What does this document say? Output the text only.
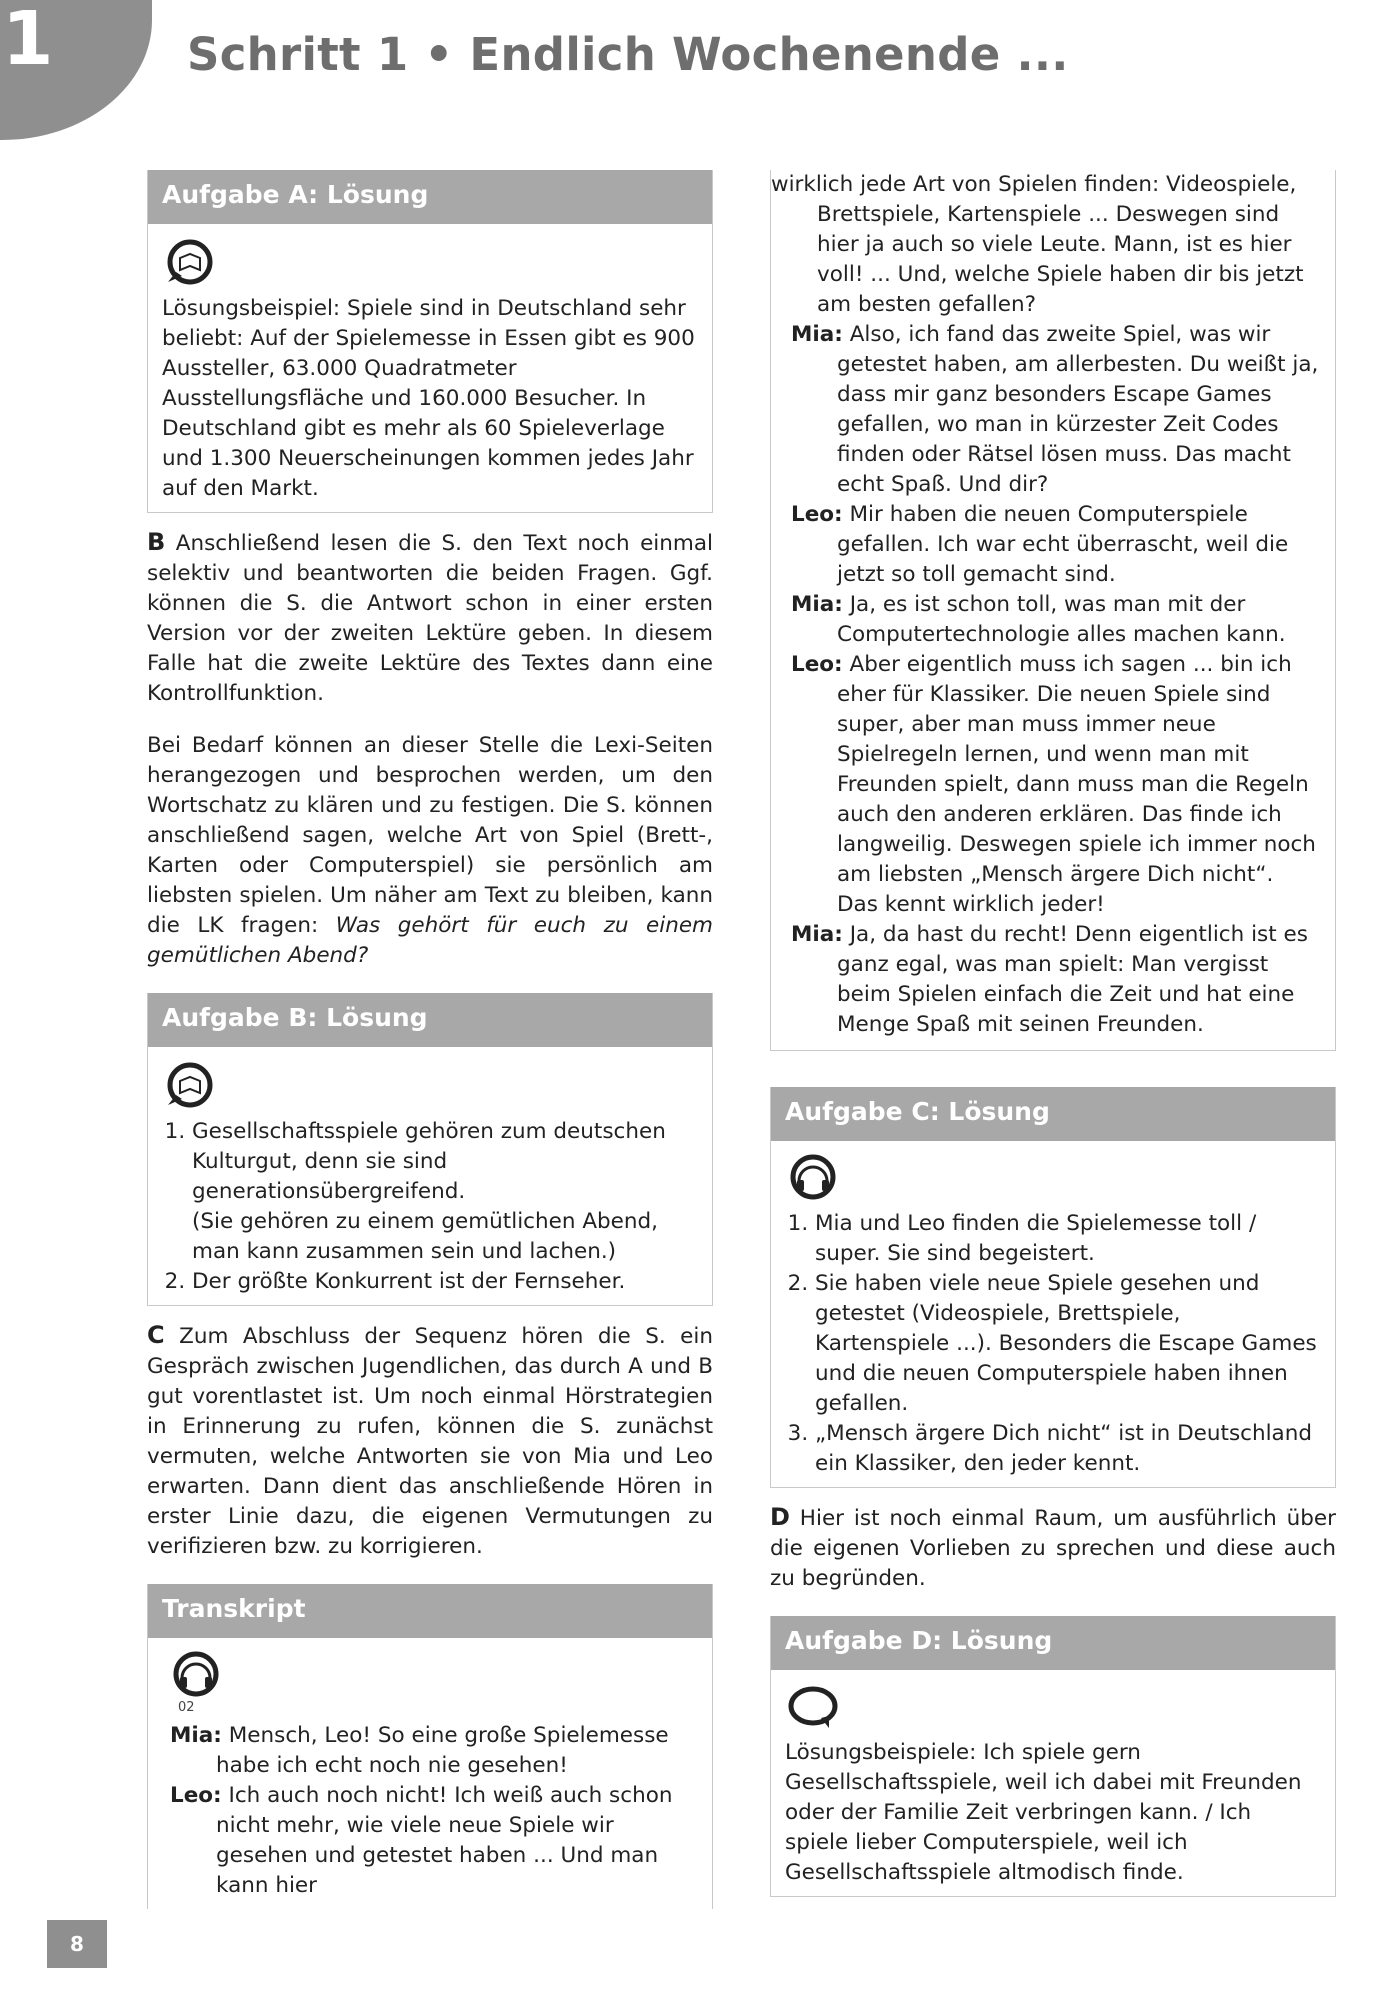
1	Schritt 1 • Endlich Wochenende ...
Aufgabe A: Lösung

Lösungsbeispiel: Spiele sind in Deutschland sehr beliebt: Auf der Spielemesse in Essen gibt es 900 Aussteller, 63.000 Quadratmeter Ausstellungsfläche und 160.000 Besucher. In Deutschland gibt es mehr als 60 Spieleverlage und 1.300 Neuerscheinungen kommen jedes Jahr auf den Markt.

B Anschließend lesen die S. den Text noch einmal selektiv und beantworten die beiden Fragen. Ggf. können die S. die Antwort schon in einer ersten Version vor der zweiten Lektüre geben. In diesem Falle hat die zweite Lektüre des Textes dann eine Kontrollfunktion.

Bei Bedarf können an dieser Stelle die Lexi-Seiten herangezogen und besprochen werden, um den Wortschatz zu klären und zu festigen. Die S. können anschließend sagen, welche Art von Spiel (Brett-, Karten oder Computerspiel) sie persönlich am liebsten spielen. Um näher am Text zu bleiben, kann die LK fragen: Was gehört für euch zu einem gemütlichen Abend?

Aufgabe B: Lösung
1. Gesellschaftsspiele gehören zum deutschen Kulturgut, denn sie sind generationsübergreifend.
(Sie gehören zu einem gemütlichen Abend, man kann zusammen sein und lachen.)
2. Der größte Konkurrent ist der Fernseher.

C Zum Abschluss der Sequenz hören die S. ein Gespräch zwischen Jugendlichen, das durch A und B gut vorentlastet ist. Um noch einmal Hörstrategien in Erinnerung zu rufen, können die S. zunächst vermuten, welche Antworten sie von Mia und Leo erwarten. Dann dient das anschließende Hören in erster Linie dazu, die eigenen Vermutungen zu verifizieren bzw. zu korrigieren.

Transkript
02

Mia: Mensch, Leo! So eine große Spielemesse habe ich echt noch nie gesehen!

Leo: Ich auch noch nicht! Ich weiß auch schon nicht mehr, wie viele neue Spiele wir gesehen und getestet haben ... Und man kann hier

wirklich jede Art von Spielen finden: Videospiele, Brettspiele, Kartenspiele ... Deswegen sind hier ja auch so viele Leute. Mann, ist es hier voll! ... Und, welche Spiele haben dir bis jetzt am besten gefallen?

Mia: Also, ich fand das zweite Spiel, was wir getestet haben, am allerbesten. Du weißt ja, dass mir ganz besonders Escape Games gefallen, wo man in kürzester Zeit Codes finden oder Rätsel lösen muss. Das macht echt Spaß. Und dir?

Leo: Mir haben die neuen Computerspiele gefallen. Ich war echt überrascht, weil die jetzt so toll gemacht sind.

Mia: Ja, es ist schon toll, was man mit der Computertechnologie alles machen kann.

Leo: Aber eigentlich muss ich sagen ... bin ich eher für Klassiker. Die neuen Spiele sind super, aber man muss immer neue Spielregeln lernen, und wenn man mit Freunden spielt, dann muss man die Regeln auch den anderen erklären. Das finde ich langweilig. Deswegen spiele ich immer noch am liebsten „Mensch ärgere Dich nicht“. Das kennt wirklich jeder!

Mia: Ja, da hast du recht! Denn eigentlich ist es ganz egal, was man spielt: Man vergisst beim Spielen einfach die Zeit und hat eine Menge Spaß mit seinen Freunden.

Aufgabe C: Lösung
1. Mia und Leo finden die Spielemesse toll / super. Sie sind begeistert.
2. Sie haben viele neue Spiele gesehen und getestet (Videospiele, Brettspiele, Kartenspiele ...). Besonders die Escape Games und die neuen Computerspiele haben ihnen gefallen.
3. „Mensch ärgere Dich nicht“ ist in Deutschland ein Klassiker, den jeder kennt.

D Hier ist noch einmal Raum, um ausführlich über die eigenen Vorlieben zu sprechen und diese auch zu begründen.

Aufgabe D: Lösung

Lösungsbeispiele: Ich spiele gern Gesellschaftsspiele, weil ich dabei mit Freunden oder der Familie Zeit verbringen kann. / Ich spiele lieber Computerspiele, weil ich Gesellschaftsspiele altmodisch finde.

8
